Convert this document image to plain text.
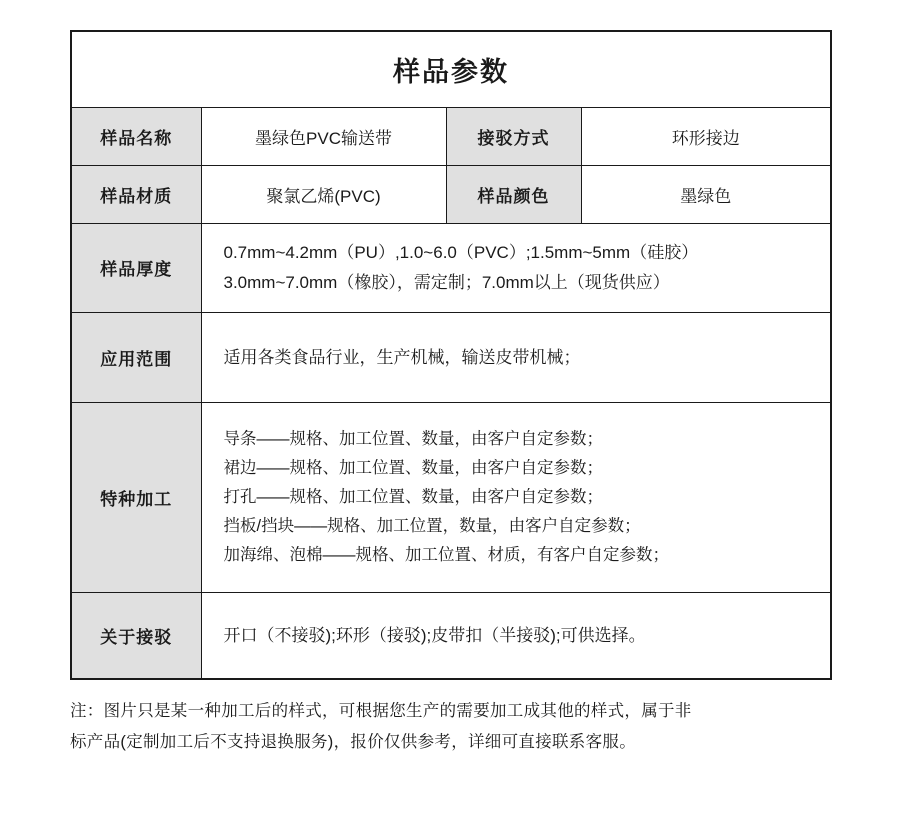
样品参数			
样品名称	墨绿色PVC输送带	接驳方式	环形接边
样品材质	聚氯乙烯(PVC)	样品颜色	墨绿色
样品厚度	0.7mm~4.2mm（PU）,1.0~6.0（PVC）;1.5mm~5mm（硅胶）
3.0mm~7.0mm（橡胶），需定制；7.0mm以上（现货供应）		

应用范围	适用各类食品行业，生产机械，输送皮带机械；		

特种加工	导条——规格、加工位置、数量，由客户自定参数；
裙边——规格、加工位置、数量，由客户自定参数；
打孔——规格、加工位置、数量，由客户自定参数；
挡板/挡块——规格、加工位置，数量，由客户自定参数；
加海绵、泡棉——规格、加工位置、材质，有客户自定参数；		

关于接驳	开口（不接驳);环形（接驳);皮带扣（半接驳);可供选择。		
注：图片只是某一种加工后的样式，可根据您生产的需要加工成其他的样式，属于非
标产品(定制加工后不支持退换服务)，报价仅供参考，详细可直接联系客服。
